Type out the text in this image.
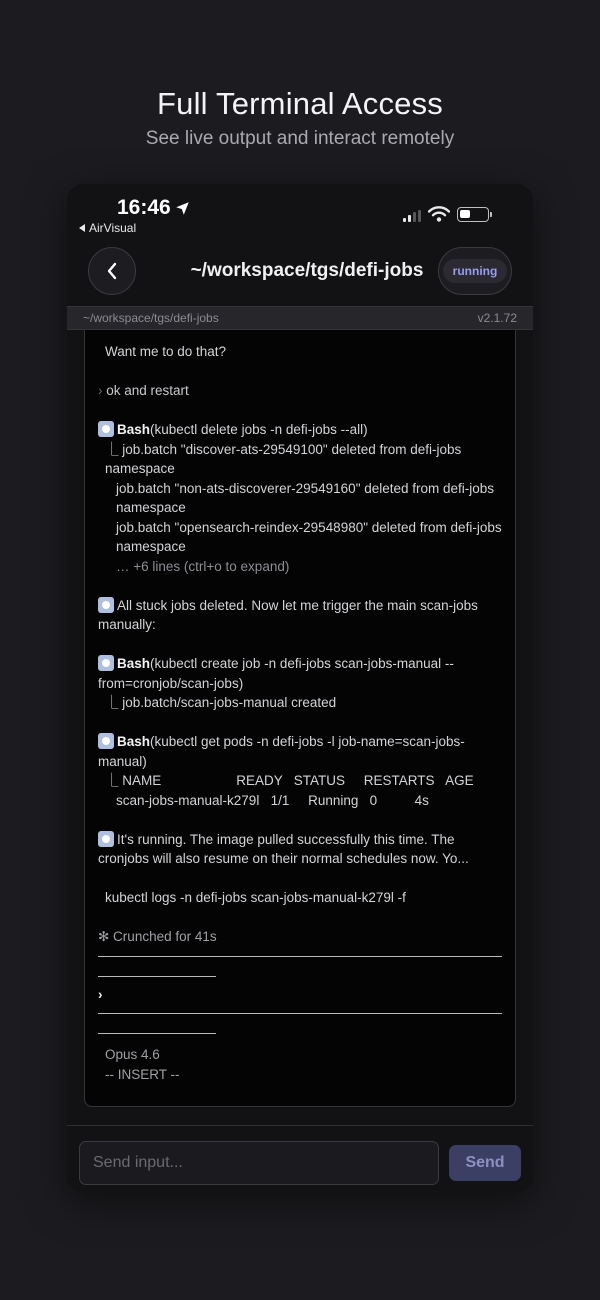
Full Terminal Access
See live output and interact remotely
16:46
AirVisual
~/workspace/tgs/defi-jobs	running
~/workspace/tgs/defi-jobs	v2.1.72
Want me to do that?
› ok and restart
Bash(kubectl delete jobs -n defi-jobs --all)
⎿ job.batch "discover-ats-29549100" deleted from defi-jobs namespace
job.batch "non-ats-discoverer-29549160" deleted from defi-jobs namespace
job.batch "opensearch-reindex-29548980" deleted from defi-jobs namespace
… +6 lines (ctrl+o to expand)
All stuck jobs deleted. Now let me trigger the main scan-jobs manually:
Bash(kubectl create job -n defi-jobs scan-jobs-manual --from=cronjob/scan-jobs)
⎿ job.batch/scan-jobs-manual created
Bash(kubectl get pods -n defi-jobs -l job-name=scan-jobs-manual)
⎿ NAME                    READY   STATUS     RESTARTS   AGE
scan-jobs-manual-k279l   1/1     Running   0          4s
It's running. The image pulled successfully this time. The cronjobs will also resume on their normal schedules now. Yo...
kubectl logs -n defi-jobs scan-jobs-manual-k279l -f
✻ Crunched for 41s
›
Opus 4.6
-- INSERT --
Send input...
Send
